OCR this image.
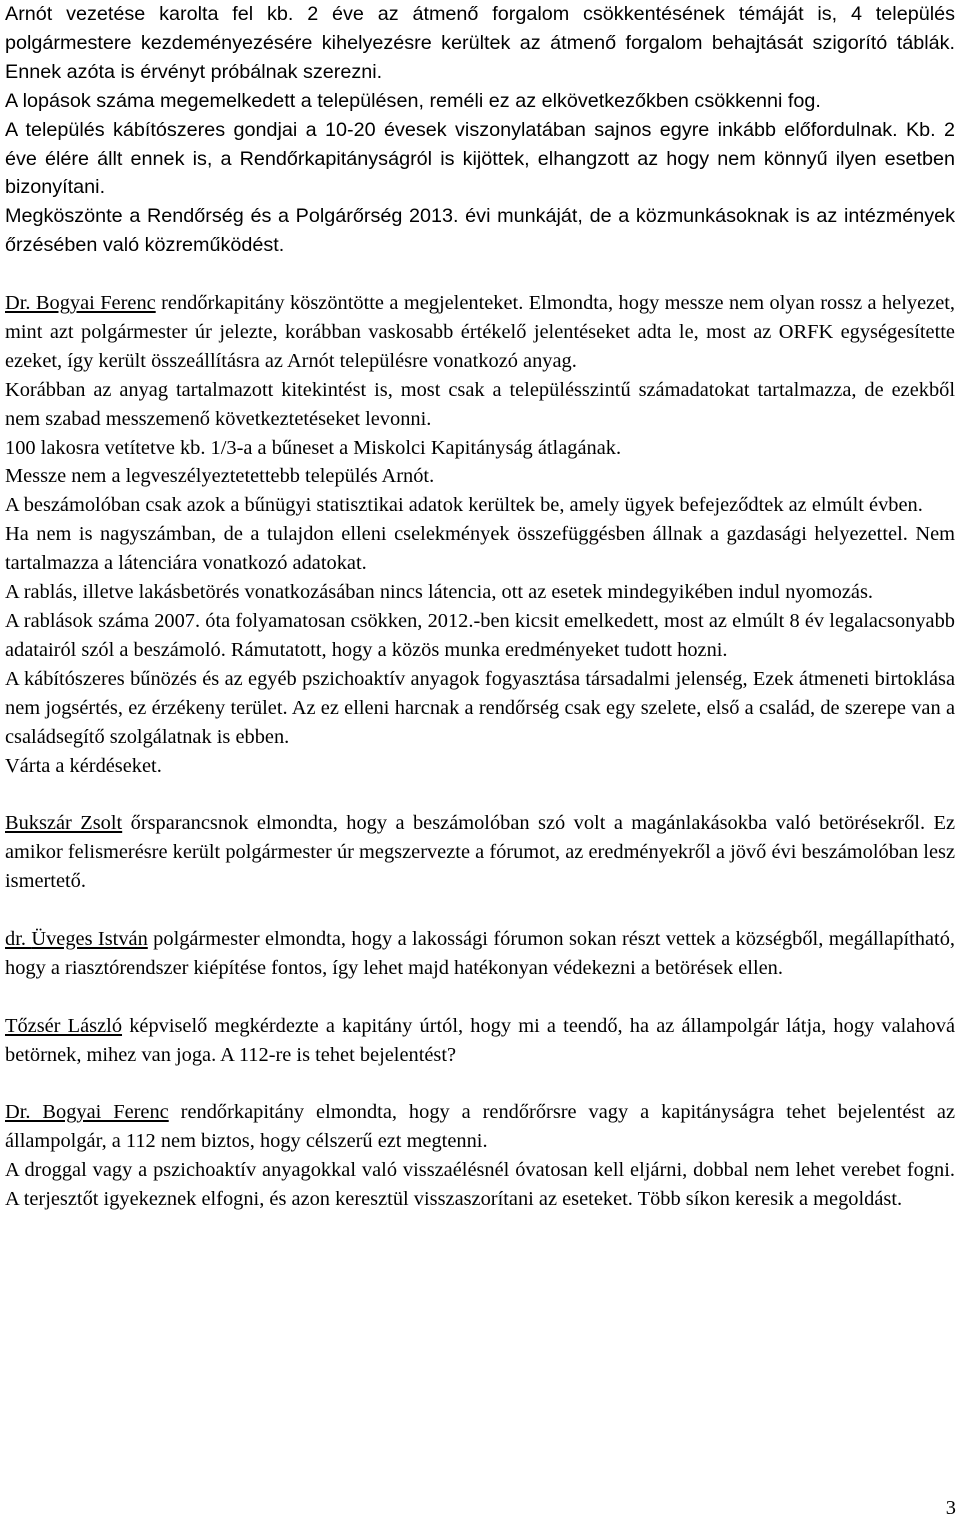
Arnót vezetése karolta fel kb. 2 éve az átmenő forgalom csökkentésének témáját is, 4 település polgármestere kezdeményezésére kihelyezésre kerültek az átmenő forgalom behajtását szigorító táblák. Ennek azóta is érvényt próbálnak szerezni.

A lopások száma megemelkedett a településen, reméli ez az elkövetkezőkben csökkenni fog.

A település kábítószeres gondjai a 10-20 évesek viszonylatában sajnos egyre inkább előfordulnak. Kb. 2 éve élére állt ennek is, a Rendőrkapitányságról is kijöttek, elhangzott az hogy nem könnyű ilyen esetben bizonyítani.

Megköszönte a Rendőrség és a Polgárőrség 2013. évi munkáját, de a közmunkásoknak is az intézmények őrzésében való közreműködést.

Dr. Bogyai Ferenc rendőrkapitány köszöntötte a megjelenteket. Elmondta, hogy messze nem olyan rossz a helyezet, mint azt polgármester úr jelezte, korábban vaskosabb értékelő jelentéseket adta le, most az ORFK egységesítette ezeket, így került összeállításra az Arnót településre vonatkozó anyag.

Korábban az anyag tartalmazott kitekintést is, most csak a településszintű számadatokat tartalmazza, de ezekből nem szabad messzemenő következtetéseket levonni.

100 lakosra vetítetve kb. 1/3-a a bűneset a Miskolci Kapitányság átlagának.

Messze nem a legveszélyeztetettebb település Arnót.

A beszámolóban csak azok a bűnügyi statisztikai adatok kerültek be, amely ügyek befejeződtek az elmúlt évben.

Ha nem is nagyszámban, de a tulajdon elleni cselekmények összefüggésben állnak a gazdasági helyezettel. Nem tartalmazza a látenciára vonatkozó adatokat.

A rablás, illetve lakásbetörés vonatkozásában nincs látencia, ott az esetek mindegyikében indul nyomozás.

A rablások száma 2007. óta folyamatosan csökken, 2012.-ben kicsit emelkedett, most az elmúlt 8 év legalacsonyabb adatairól szól a beszámoló. Rámutatott, hogy a közös munka eredményeket tudott hozni.

A kábítószeres bűnözés és az egyéb pszichoaktív anyagok fogyasztása társadalmi jelenség, Ezek átmeneti birtoklása nem jogsértés, ez érzékeny terület. Az ez elleni harcnak a rendőrség csak egy szelete, első a család, de szerepe van a családsegítő szolgálatnak is ebben.

Várta a kérdéseket.

Bukszár Zsolt őrsparancsnok elmondta, hogy a beszámolóban szó volt a magánlakásokba való betörésekről. Ez amikor felismerésre került polgármester úr megszervezte a fórumot, az eredményekről a jövő évi beszámolóban lesz ismertető.

dr. Üveges István polgármester elmondta, hogy a lakossági fórumon sokan részt vettek a községből, megállapítható, hogy a riasztórendszer kiépítése fontos, így lehet majd hatékonyan védekezni a betörések ellen.

Tőzsér László képviselő megkérdezte a kapitány úrtól, hogy mi a teendő, ha az állampolgár látja, hogy valahová betörnek, mihez van joga. A 112-re is tehet bejelentést?

Dr. Bogyai Ferenc rendőrkapitány elmondta, hogy a rendőrőrsre vagy a kapitányságra tehet bejelentést az állampolgár, a 112 nem biztos, hogy célszerű ezt megtenni.

A droggal vagy a pszichoaktív anyagokkal való visszaélésnél óvatosan kell eljárni, dobbal nem lehet verebet fogni. A terjesztőt igyekeznek elfogni, és azon keresztül visszaszorítani az eseteket. Több síkon keresik a megoldást.

3
